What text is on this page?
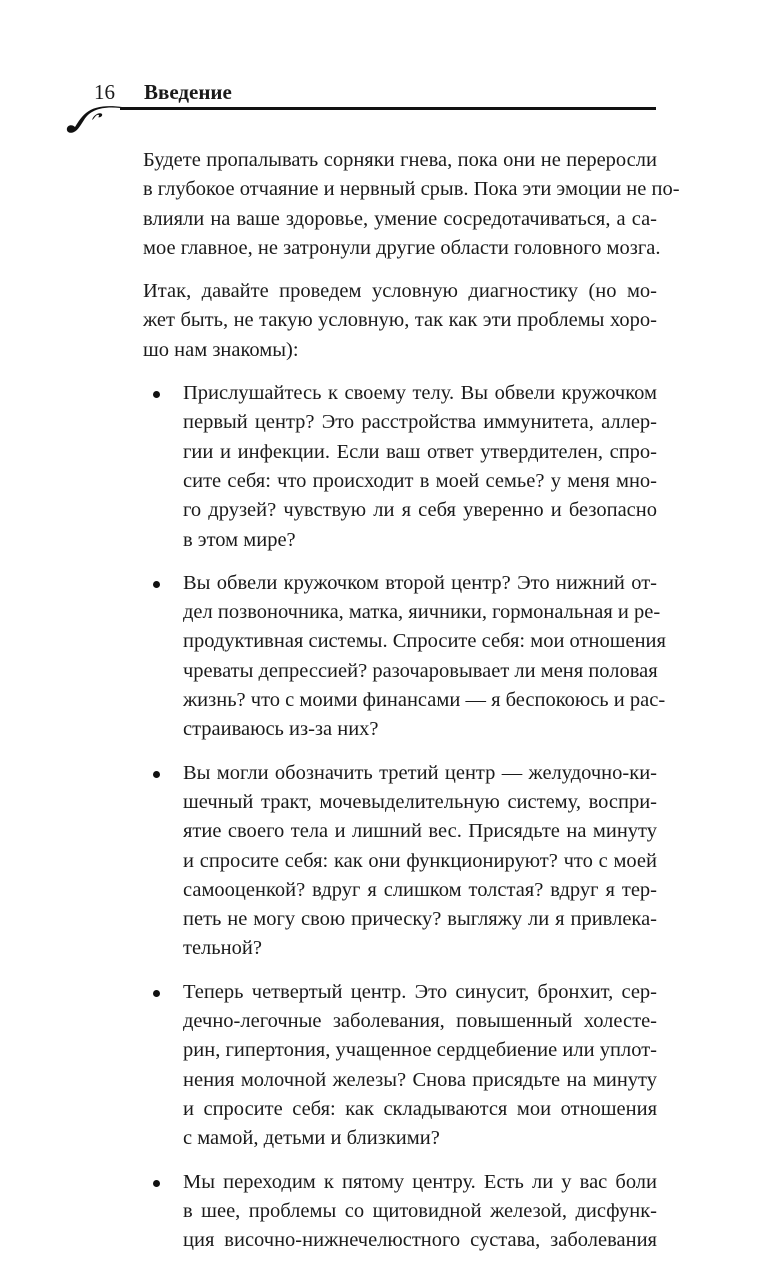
16 Введение

Будете пропалывать сорняки гнева, пока они не переросли
в глубокое отчаяние и нервный срыв. Пока эти эмоции не по-
влияли на ваше здоровье, умение сосредотачиваться, а са-
мое главное, не затронули другие области головного мозга.

Итак, давайте проведем условную диагностику (но мо-
жет быть, не такую условную, так как эти проблемы хоро-
шо нам знакомы):

Прислушайтесь к своему телу. Вы обвели кружочком
первый центр? Это расстройства иммунитета, аллер-
гии и инфекции. Если ваш ответ утвердителен, спро-
сите себя: что происходит в моей семье? у меня мно-
го друзей? чувствую ли я себя уверенно и безопасно
в этом мире?
Вы обвели кружочком второй центр? Это нижний от-
дел позвоночника, матка, яичники, гормональная и ре-
продуктивная системы. Спросите себя: мои отношения
чреваты депрессией? разочаровывает ли меня половая
жизнь? что с моими финансами — я беспокоюсь и рас-
страиваюсь из-за них?
Вы могли обозначить третий центр — желудочно-ки-
шечный тракт, мочевыделительную систему, воспри-
ятие своего тела и лишний вес. Присядьте на минуту
и спросите себя: как они функционируют? что с моей
самооценкой? вдруг я слишком толстая? вдруг я тер-
петь не могу свою прическу? выгляжу ли я привлека-
тельной?
Теперь четвертый центр. Это синусит, бронхит, сер-
дечно-легочные заболевания, повышенный холесте-
рин, гипертония, учащенное сердцебиение или уплот-
нения молочной железы? Снова присядьте на минуту
и спросите себя: как складываются мои отношения
с мамой, детьми и близкими?
Мы переходим к пятому центру. Есть ли у вас боли
в шее, проблемы со щитовидной железой, дисфунк-
ция височно-нижнечелюстного сустава, заболевания
